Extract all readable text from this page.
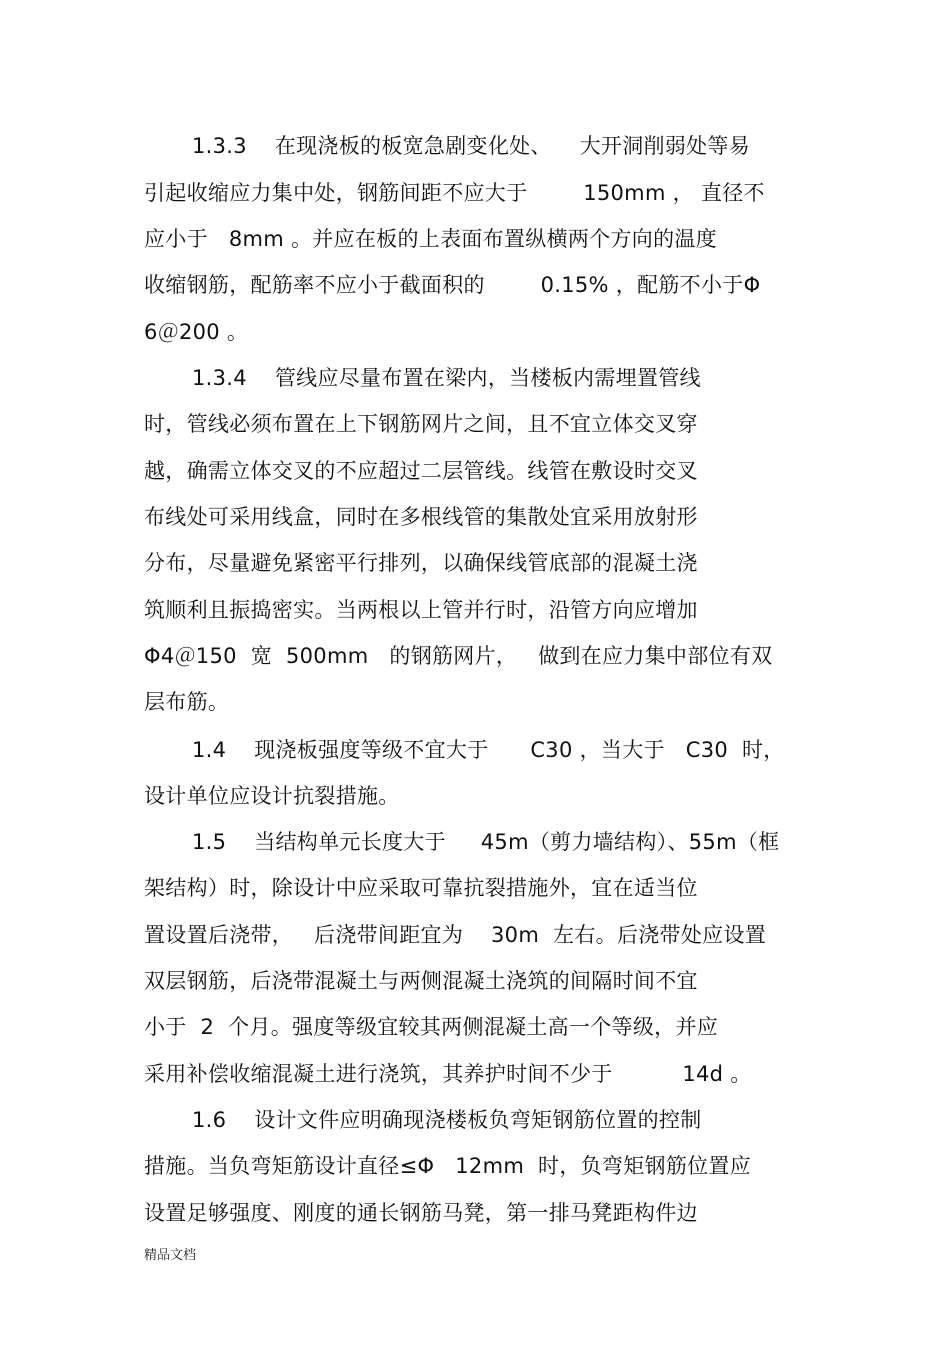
1.3.3    在现浇板的板宽急剧变化处、    大开洞削弱处等易
引起收缩应力集中处，钢筋间距不应大于        150mm ， 直径不
应小于   8mm 。并应在板的上表面布置纵横两个方向的温度
收缩钢筋，配筋率不应小于截面积的        0.15% ，配筋不小于Φ
6＠200 。
1.3.4    管线应尽量布置在梁内，当楼板内需埋置管线
时，管线必须布置在上下钢筋网片之间，且不宜立体交叉穿
越，确需立体交叉的不应超过二层管线。线管在敷设时交叉
布线处可采用线盒，同时在多根线管的集散处宜采用放射形
分布，尽量避免紧密平行排列，以确保线管底部的混凝土浇
筑顺利且振捣密实。当两根以上管并行时，沿管方向应增加
Φ4＠150  宽  500mm   的钢筋网片，   做到在应力集中部位有双
层布筋。
1.4    现浇板强度等级不宜大于      C30 ，当大于   C30  时，
设计单位应设计抗裂措施。
1.5    当结构单元长度大于     45m（剪力墙结构）、55m（框
架结构）时，除设计中应采取可靠抗裂措施外，宜在适当位
置设置后浇带，   后浇带间距宜为    30m  左右。后浇带处应设置
双层钢筋，后浇带混凝土与两侧混凝土浇筑的间隔时间不宜
小于  2  个月。强度等级宜较其两侧混凝土高一个等级，并应
采用补偿收缩混凝土进行浇筑，其养护时间不少于          14d 。
1.6    设计文件应明确现浇楼板负弯矩钢筋位置的控制
措施。当负弯矩筋设计直径≤Φ   12mm  时，负弯矩钢筋位置应
设置足够强度、刚度的通长钢筋马凳，第一排马凳距构件边
精品文档
